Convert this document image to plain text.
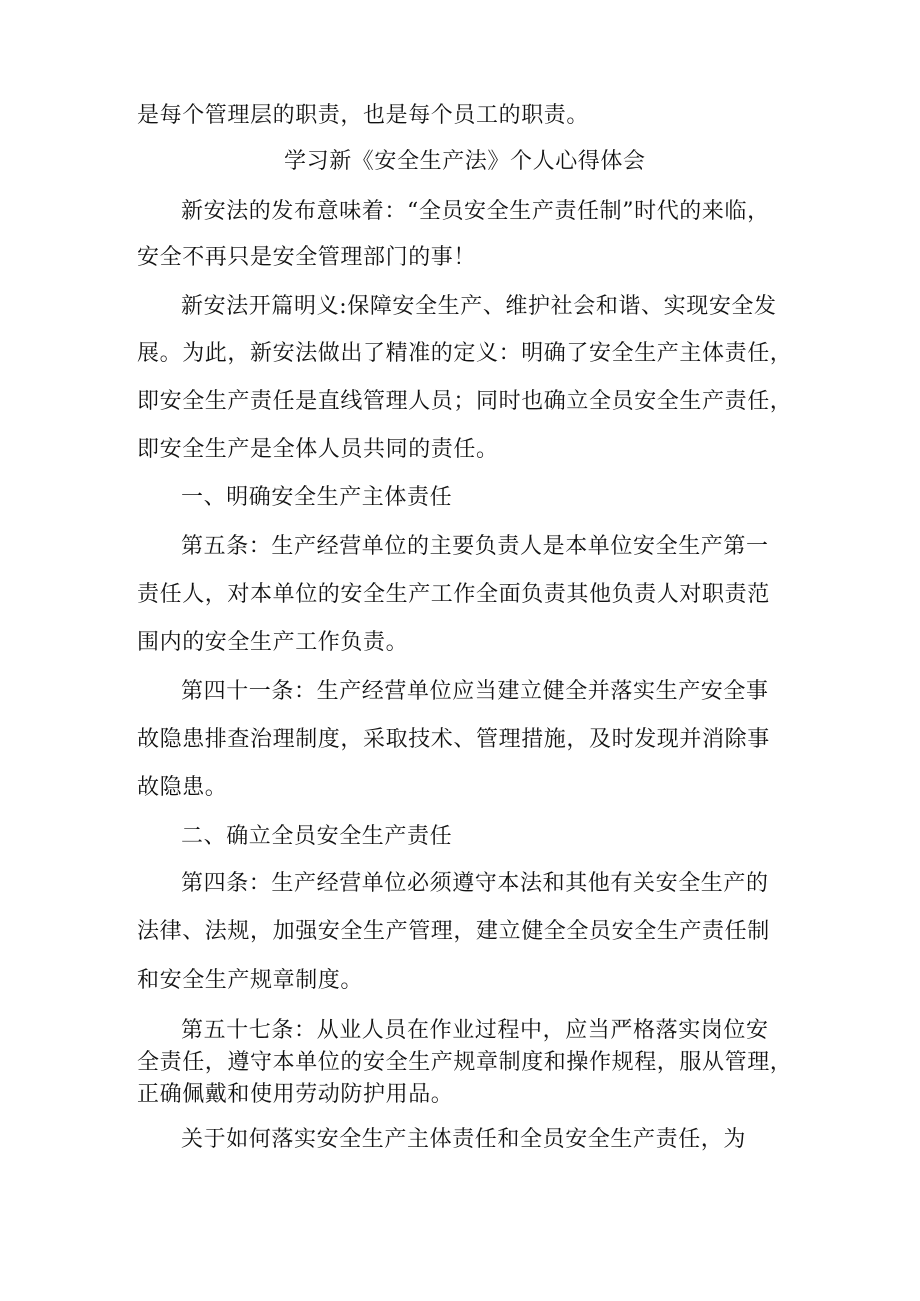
是每个管理层的职责，也是每个员工的职责。
学习新《安全生产法》个人心得体会
新安法的发布意味着：“全员安全生产责任制”时代的来临，
安全不再只是安全管理部门的事！
新安法开篇明义:保障安全生产、维护社会和谐、实现安全发
展。为此，新安法做出了精准的定义：明确了安全生产主体责任，
即安全生产责任是直线管理人员；同时也确立全员安全生产责任，
即安全生产是全体人员共同的责任。
一、明确安全生产主体责任
第五条：生产经营单位的主要负责人是本单位安全生产第一
责任人，对本单位的安全生产工作全面负责其他负责人对职责范
围内的安全生产工作负责。
第四十一条：生产经营单位应当建立健全并落实生产安全事
故隐患排查治理制度，采取技术、管理措施，及时发现并消除事
故隐患。
二、确立全员安全生产责任
第四条：生产经营单位必须遵守本法和其他有关安全生产的
法律、法规，加强安全生产管理，建立健全全员安全生产责任制
和安全生产规章制度。
第五十七条：从业人员在作业过程中，应当严格落实岗位安
全责任，遵守本单位的安全生产规章制度和操作规程，服从管理，
正确佩戴和使用劳动防护用品。
关于如何落实安全生产主体责任和全员安全生产责任，为
